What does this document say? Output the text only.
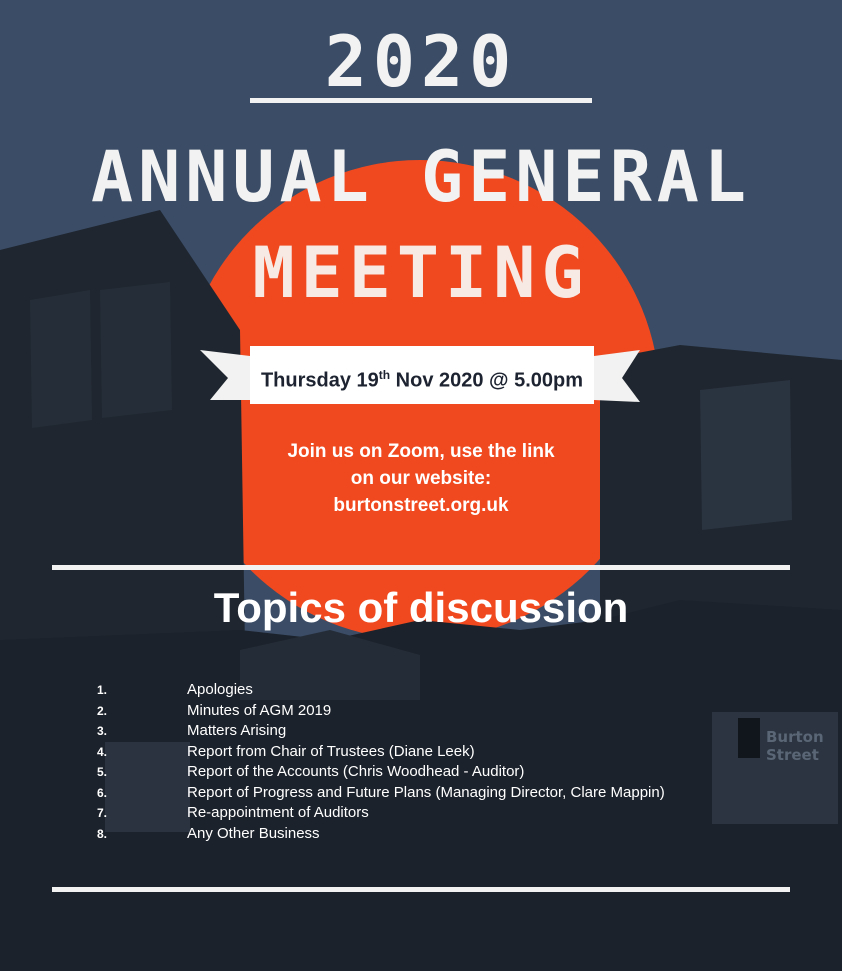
2020
ANNUAL GENERAL
MEETING
Thursday 19th Nov 2020 @ 5.00pm
Join us on Zoom, use the link
on our website:
burtonstreet.org.uk
Topics of discussion
1.	Apologies
2.	Minutes of AGM 2019
3.	Matters Arising
4.	Report from Chair of Trustees (Diane Leek)
5.	Report of the Accounts (Chris Woodhead - Auditor)
6.	Report of Progress and Future Plans (Managing Director, Clare Mappin)
7.	Re-appointment of Auditors
8.	Any Other Business
Burton
Street
